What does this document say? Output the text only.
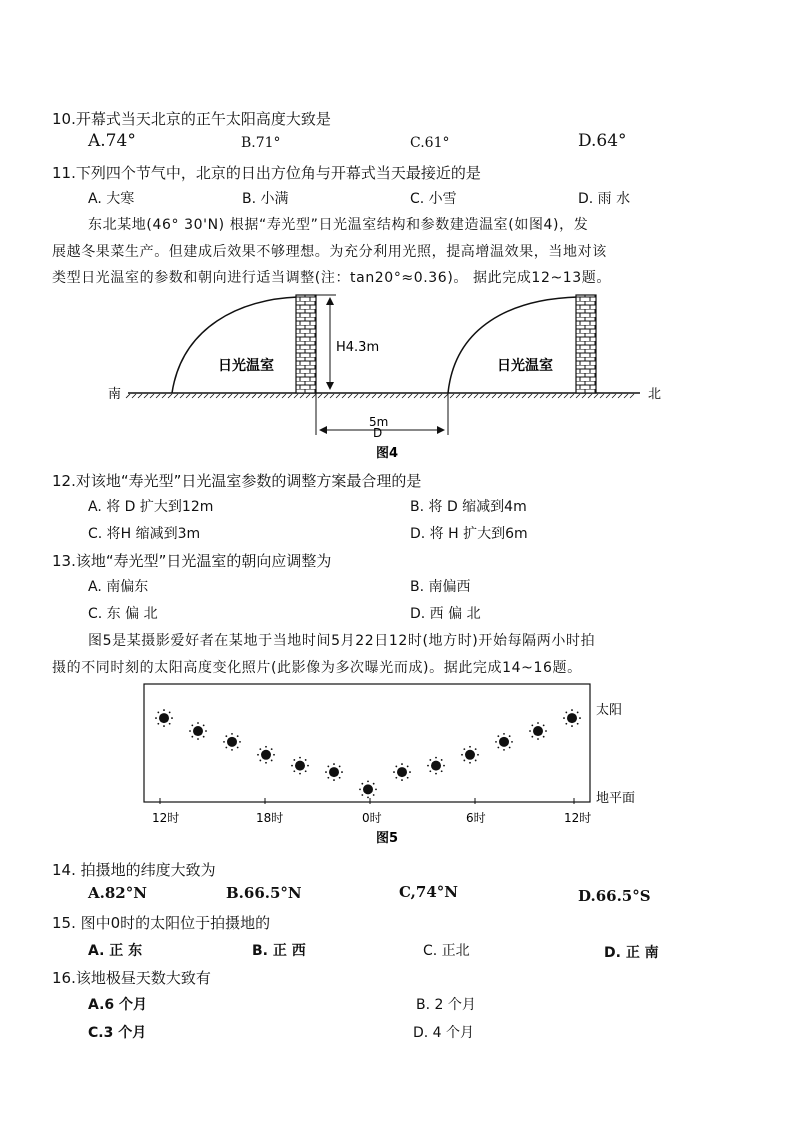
10.开幕式当天北京的正午太阳高度大致是
A.74°	B.71°	C.61°	D.64°
11.下列四个节气中，北京的日出方位角与开幕式当天最接近的是
A. 大寒	B. 小满	C. 小雪	D. 雨 水
东北某地(46° 30'N) 根据“寿光型”日光温室结构和参数建造温室(如图4)，发
展越冬果菜生产。但建成后效果不够理想。为充分利用光照，提高增温效果，当地对该
类型日光温室的参数和朝向进行适当调整(注：tan20°≈0.36)。 据此完成12~13题。
H4.3m
日光温室	日光温室
南	北
5m
D
图4
12.对该地“寿光型”日光温室参数的调整方案最合理的是
A. 将 D 扩大到12m	B. 将 D 缩减到4m
C. 将H 缩减到3m	D. 将 H 扩大到6m
13.该地“寿光型”日光温室的朝向应调整为
A. 南偏东	B. 南偏西
C. 东 偏 北	D. 西 偏 北
图5是某摄影爱好者在某地于当地时间5月22日12时(地方时)开始每隔两小时拍
摄的不同时刻的太阳高度变化照片(此影像为多次曝光而成)。据此完成14~16题。
太阳
地平面
12时	18时	0时	6时	12时
图5
14. 拍摄地的纬度大致为
A.82°N	B.66.5°N	C,74°N	D.66.5°S
15. 图中0时的太阳位于拍摄地的
A. 正 东	B. 正 西	C. 正北	D. 正 南
16.该地极昼天数大致有
A.6 个月	B. 2 个月
C.3 个月	D. 4 个月
